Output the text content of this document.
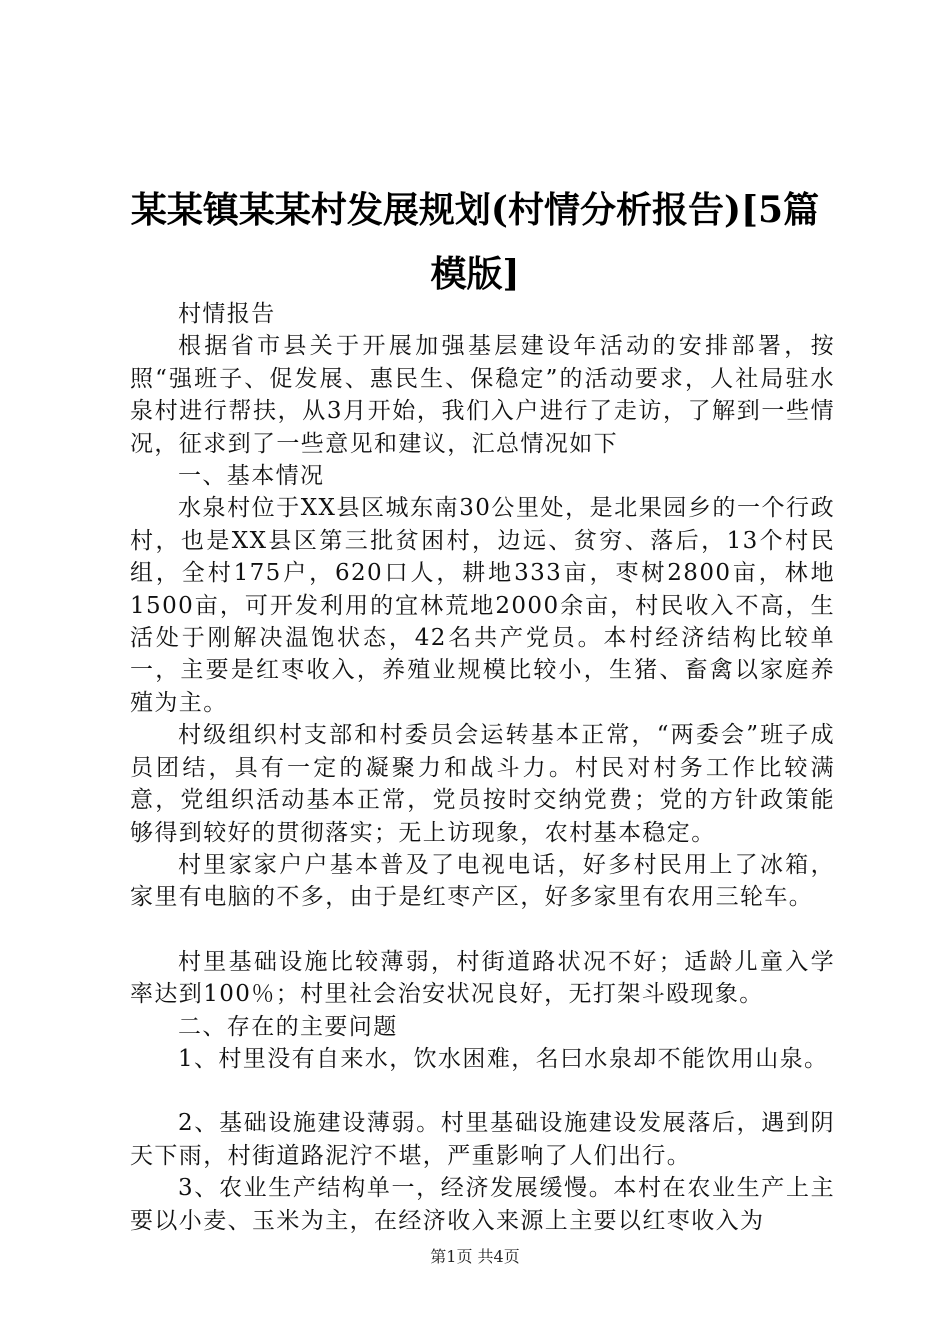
某某镇某某村发展规划(村情分析报告)[5篇模版]

村情报告

根据省市县关于开展加强基层建设年活动的安排部署，按照“强班子、促发展、惠民生、保稳定”的活动要求，人社局驻水泉村进行帮扶，从3月开始，我们入户进行了走访，了解到一些情况，征求到了一些意见和建议，汇总情况如下

一、基本情况

水泉村位于XX县区城东南30公里处，是北果园乡的一个行政村，也是XX县区第三批贫困村，边远、贫穷、落后，13个村民组，全村175户，620口人，耕地333亩，枣树2800亩，林地1500亩，可开发利用的宜林荒地2000余亩，村民收入不高，生活处于刚解决温饱状态，42名共产党员。本村经济结构比较单一，主要是红枣收入，养殖业规模比较小，生猪、畜禽以家庭养殖为主。

村级组织村支部和村委员会运转基本正常，“两委会”班子成员团结，具有一定的凝聚力和战斗力。村民对村务工作比较满意，党组织活动基本正常，党员按时交纳党费；党的方针政策能够得到较好的贯彻落实；无上访现象，农村基本稳定。

村里家家户户基本普及了电视电话，好多村民用上了冰箱，家里有电脑的不多，由于是红枣产区，好多家里有农用三轮车。

村里基础设施比较薄弱，村街道路状况不好；适龄儿童入学率达到100％；村里社会治安状况良好，无打架斗殴现象。

二、存在的主要问题

1、村里没有自来水，饮水困难，名曰水泉却不能饮用山泉。

2、基础设施建设薄弱。村里基础设施建设发展落后，遇到阴天下雨，村街道路泥泞不堪，严重影响了人们出行。

3、农业生产结构单一，经济发展缓慢。本村在农业生产上主要以小麦、玉米为主，在经济收入来源上主要以红枣收入为

第1页 共4页
